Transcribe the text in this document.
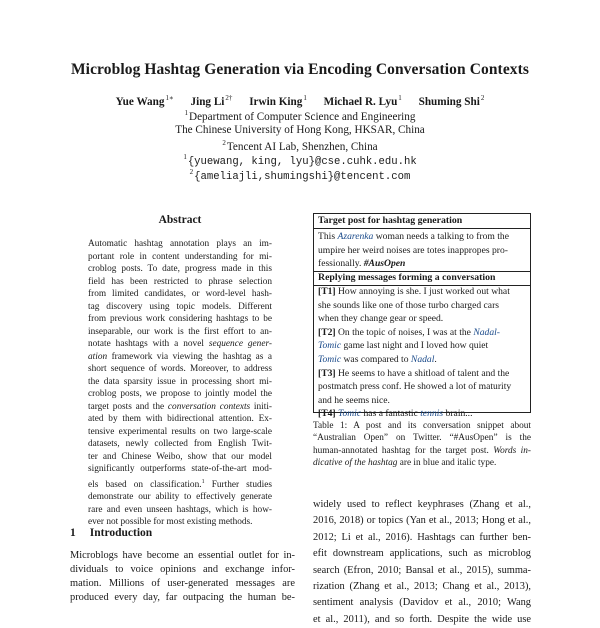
Microblog Hashtag Generation via Encoding Conversation Contexts
Yue Wang$^{1∗}$ Jing $Li^{2\dagger}$ Irwin King$^1$ Michael R. Lyu$^1$ Shuming Shi$^2$
$^1$Department of Computer Science and Engineering
The Chinese University of Hong Kong, HKSAR, China
$^2$Tencent AI Lab, Shenzhen, China
$^1${yuewang, king, lyu}@cse.cuhk.edu.hk
$^2${ameliajli,shumingshi}@tencent.com
Abstract
Automatic hashtag annotation plays an im-
portant role in content understanding for mi-
croblog posts. To date, progress made in this
field has been restricted to phrase selection
from limited candidates, or word-level hash-
tag discovery using topic models. Different
from previous work considering hashtags to be
inseparable, our work is the first effort to an-
notate hashtags with a novel sequence gener-
ation framework via viewing the hashtag as a
short sequence of words. Moreover, to address
the data sparsity issue in processing short mi-
croblog posts, we propose to jointly model the
target posts and the conversation contexts initi-
ated by them with bidirectional attention. Ex-
tensive experimental results on two large-scale
datasets, newly collected from English Twit-
ter and Chinese Weibo, show that our model
significantly outperforms state-of-the-art mod-
els based on classification.$^1$ Further studies
demonstrate our ability to effectively generate
rare and even unseen hashtags, which is how-
ever not possible for most existing methods.
1 Introduction
Microblogs have become an essential outlet for in-
dividuals to voice opinions and exchange infor-
mation. Millions of user-generated messages are
produced every day, far outpacing the human be-
Target post for hashtag generation
This Azarenka woman needs a talking to from the
umpire her weird noises are totes inappropes pro-
fessionally. #AusOpen
Replying messages forming a conversation
[T1] How annoying is she. I just worked out what
she sounds like one of those turbo charged cars
when they change gear or speed.
[T2] On the topic of noises, I was at the Nadal-
Tomic game last night and I loved how quiet
Tomic was compared to Nadal.
[T3] He seems to have a shitload of talent and the
postmatch press conf. He showed a lot of maturity
and he seems nice.
[T4] Tomic has a fantastic tennis brain...
Table 1: A post and its conversation snippet about
“Australian Open” on Twitter. “#AusOpen” is the
human-annotated hashtag for the target post. Words in-
dicative of the hashtag are in blue and italic type.
widely used to reflect keyphrases (Zhang et al.,
2016, 2018) or topics (Yan et al., 2013; Hong et al.,
2012; Li et al., 2016). Hashtags can further ben-
efit downstream applications, such as microblog
search (Efron, 2010; Bansal et al., 2015), summa-
rization (Zhang et al., 2013; Chang et al., 2013),
sentiment analysis (Davidov et al., 2010; Wang
et al., 2011), and so forth. Despite the wide use
